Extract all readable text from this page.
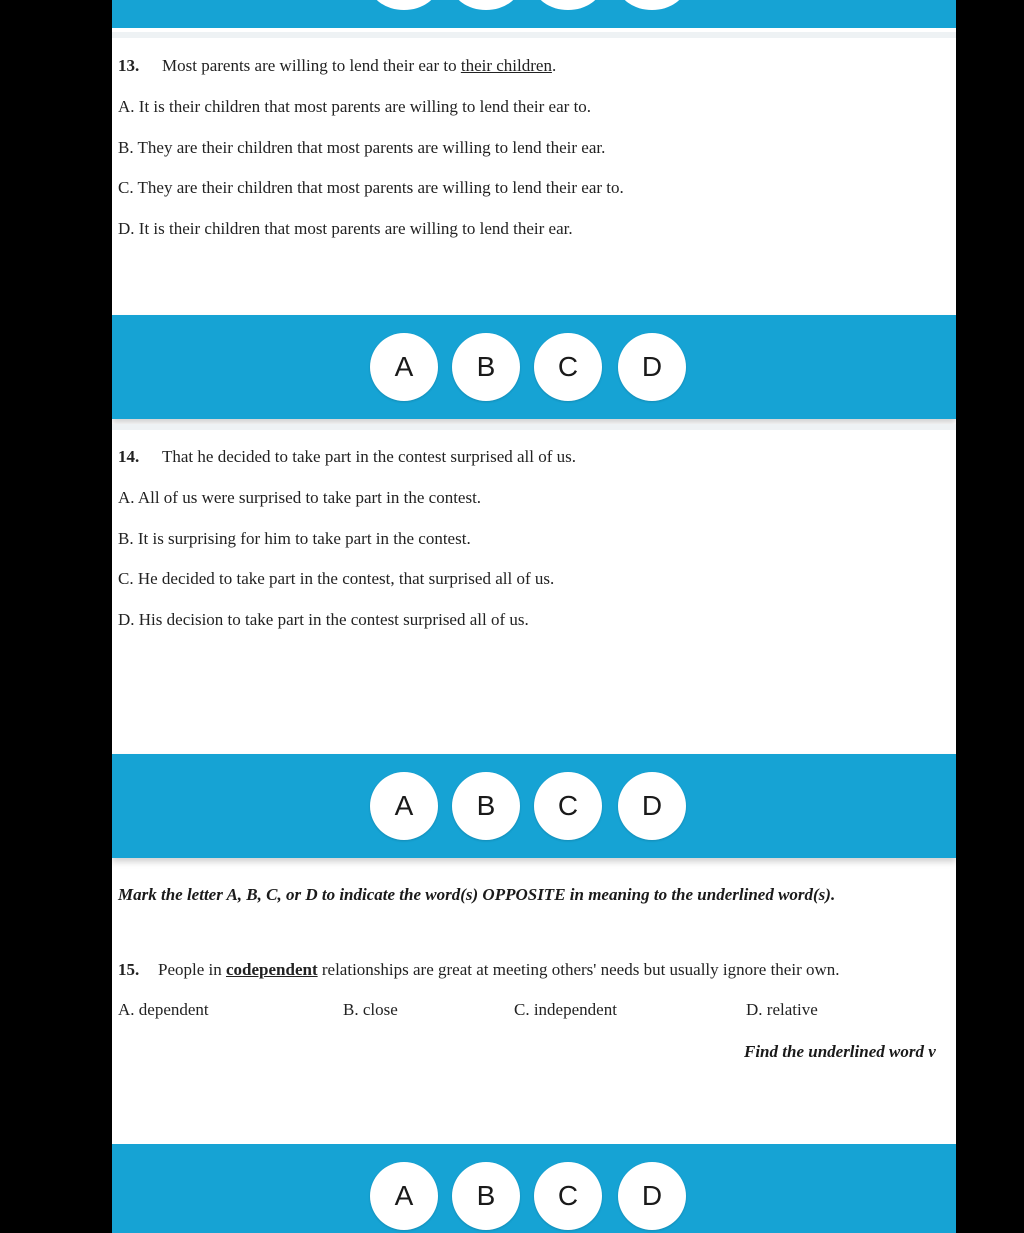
13. Most parents are willing to lend their ear to their children.
A. It is their children that most parents are willing to lend their ear to.
B. They are their children that most parents are willing to lend their ear.
C. They are their children that most parents are willing to lend their ear to.
D. It is their children that most parents are willing to lend their ear.
A	B	C	D
14. That he decided to take part in the contest surprised all of us.
A. All of us were surprised to take part in the contest.
B. It is surprising for him to take part in the contest.
C. He decided to take part in the contest, that surprised all of us.
D. His decision to take part in the contest surprised all of us.
A	B	C	D
Mark the letter A, B, C, or D to indicate the word(s) OPPOSITE in meaning to the underlined word(s).
15. People in codependent relationships are great at meeting others' needs but usually ignore their own.
A. dependent	B. close	C. independent	D. relative
Find the underlined word v
A	B	C	D
